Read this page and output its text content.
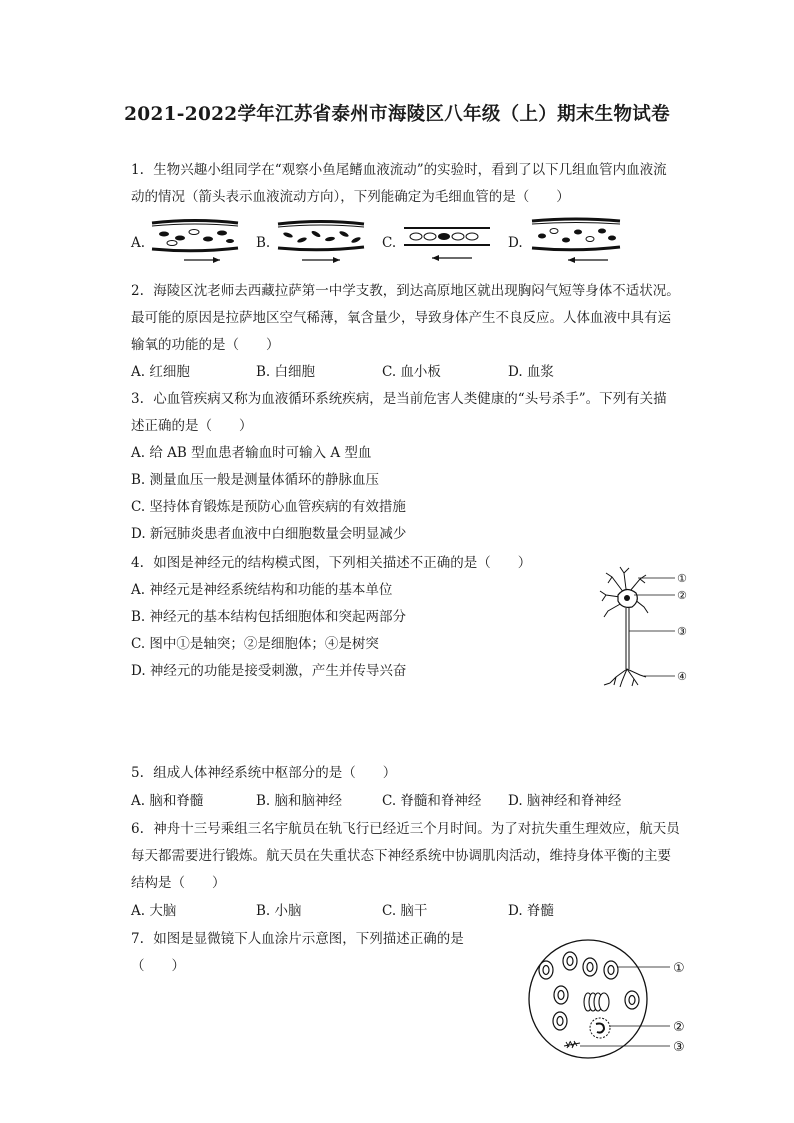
2021-2022学年江苏省泰州市海陵区八年级（上）期末生物试卷
1. 生物兴趣小组同学在“观察小鱼尾鳍血液流动”的实验时，看到了以下几组血管内血液流
动的情况（箭头表示血液流动方向），下列能确定为毛细血管的是（　　）
A.	B.	C.	D.
2. 海陵区沈老师去西藏拉萨第一中学支教，到达高原地区就出现胸闷气短等身体不适状况。
最可能的原因是拉萨地区空气稀薄，氧含量少，导致身体产生不良反应。人体血液中具有运
输氧的功能的是（　　）
A. 红细胞	B. 白细胞	C. 血小板	D. 血浆
3. 心血管疾病又称为血液循环系统疾病，是当前危害人类健康的“头号杀手”。下列有关描
述正确的是（　　）
A. 给 AB 型血患者输血时可输入 A 型血
B. 测量血压一般是测量体循环的静脉血压
C. 坚持体育锻炼是预防心血管疾病的有效措施
D. 新冠肺炎患者血液中白细胞数量会明显减少
4. 如图是神经元的结构模式图，下列相关描述不正确的是（　　）
A. 神经元是神经系统结构和功能的基本单位
B. 神经元的基本结构包括细胞体和突起两部分
C. 图中①是轴突；②是细胞体；④是树突
D. 神经元的功能是接受刺激，产生并传导兴奋
①
②
③
④
5. 组成人体神经系统中枢部分的是（　　）
A. 脑和脊髓	B. 脑和脑神经	C. 脊髓和脊神经 D. 脑神经和脊神经
6. 神舟十三号乘组三名宇航员在轨飞行已经近三个月时间。为了对抗失重生理效应，航天员
每天都需要进行锻炼。航天员在失重状态下神经系统中协调肌肉活动，维持身体平衡的主要
结构是（　　）
A. 大脑	B. 小脑	C. 脑干	D. 脊髓
7. 如图是显微镜下人血涂片示意图，下列描述正确的是
（　　）	①
②
③
